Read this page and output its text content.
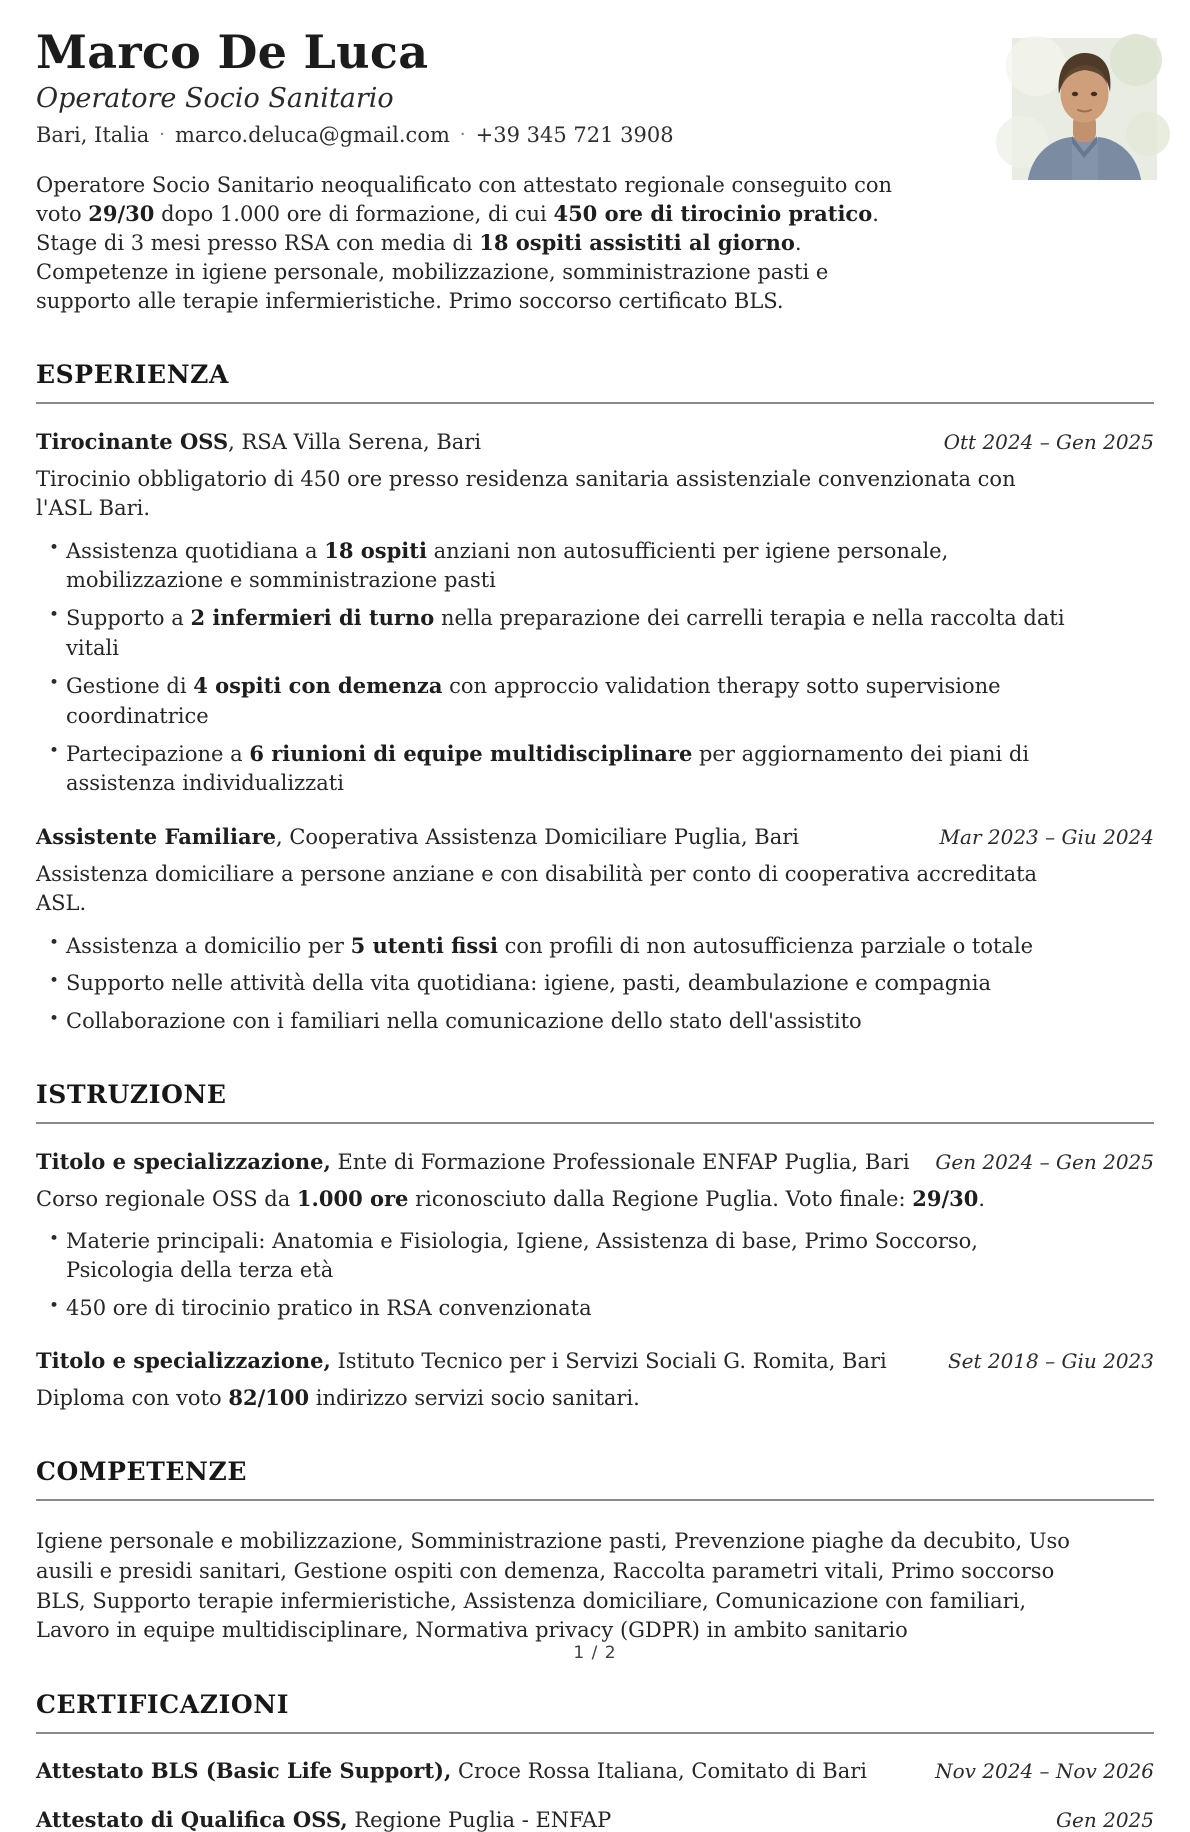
Marco De Luca
Operatore Socio Sanitario
Bari, Italia · marco.deluca@gmail.com · +39 345 721 3908

Operatore Socio Sanitario neoqualificato con attestato regionale conseguito con voto 29/30 dopo 1.000 ore di formazione, di cui 450 ore di tirocinio pratico. Stage di 3 mesi presso RSA con media di 18 ospiti assistiti al giorno. Competenze in igiene personale, mobilizzazione, somministrazione pasti e supporto alle terapie infermieristiche. Primo soccorso certificato BLS.

ESPERIENZA
Tirocinante OSS, RSA Villa Serena, Bari	Ott 2024 – Gen 2025

Tirocinio obbligatorio di 450 ore presso residenza sanitaria assistenziale convenzionata con l'ASL Bari.

• Assistenza quotidiana a 18 ospiti anziani non autosufficienti per igiene personale, mobilizzazione e somministrazione pasti
• Supporto a 2 infermieri di turno nella preparazione dei carrelli terapia e nella raccolta dati vitali
• Gestione di 4 ospiti con demenza con approccio validation therapy sotto supervisione coordinatrice
• Partecipazione a 6 riunioni di equipe multidisciplinare per aggiornamento dei piani di assistenza individualizzati
Assistente Familiare, Cooperativa Assistenza Domiciliare Puglia, Bari	Mar 2023 – Giu 2024

Assistenza domiciliare a persone anziane e con disabilità per conto di cooperativa accreditata ASL.

• Assistenza a domicilio per 5 utenti fissi con profili di non autosufficienza parziale o totale
• Supporto nelle attività della vita quotidiana: igiene, pasti, deambulazione e compagnia
• Collaborazione con i familiari nella comunicazione dello stato dell'assistito
ISTRUZIONE
Titolo e specializzazione, Ente di Formazione Professionale ENFAP Puglia, Bari	Gen 2024 – Gen 2025

Corso regionale OSS da 1.000 ore riconosciuto dalla Regione Puglia. Voto finale: 29/30.

• Materie principali: Anatomia e Fisiologia, Igiene, Assistenza di base, Primo Soccorso, Psicologia della terza età
• 450 ore di tirocinio pratico in RSA convenzionata
Titolo e specializzazione, Istituto Tecnico per i Servizi Sociali G. Romita, Bari	Set 2018 – Giu 2023

Diploma con voto 82/100 indirizzo servizi socio sanitari.

COMPETENZE

Igiene personale e mobilizzazione, Somministrazione pasti, Prevenzione piaghe da decubito, Uso ausili e presidi sanitari, Gestione ospiti con demenza, Raccolta parametri vitali, Primo soccorso BLS, Supporto terapie infermieristiche, Assistenza domiciliare, Comunicazione con familiari, Lavoro in equipe multidisciplinare, Normativa privacy (GDPR) in ambito sanitario

CERTIFICAZIONI
Attestato BLS (Basic Life Support), Croce Rossa Italiana, Comitato di Bari	Nov 2024 – Nov 2026
Attestato di Qualifica OSS, Regione Puglia - ENFAP	Gen 2025
1 / 2
